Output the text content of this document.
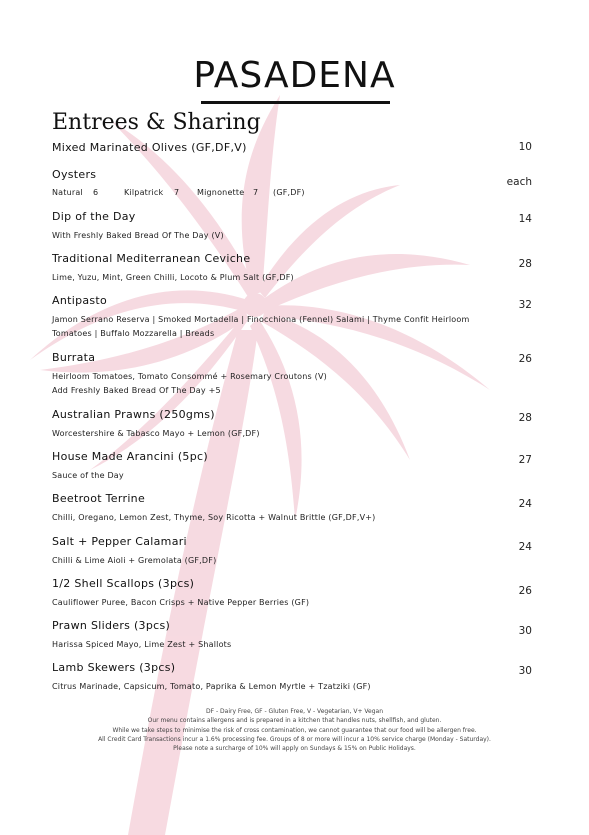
PASADENA
Entrees & Sharing
Mixed Marinated Olives (GF,DF,V)	10
Oysters
Natural	6	Kilpatrick	7	Mignonette	7	(GF,DF)
each
Dip of the Day
With Freshly Baked Bread Of The Day (V)
14
Traditional Mediterranean Ceviche
Lime, Yuzu, Mint, Green Chilli, Locoto & Plum Salt (GF,DF)
28
Antipasto
Jamon Serrano Reserva | Smoked Mortadella | Finocchiona (Fennel) Salami | Thyme Confit Heirloom
Tomatoes | Buffalo Mozzarella | Breads
32
Burrata
Heirloom Tomatoes, Tomato Consommé + Rosemary Croutons (V)
Add Freshly Baked Bread Of The Day +5
26
Australian Prawns (250gms)
Worcestershire & Tabasco Mayo + Lemon (GF,DF)
28
House Made Arancini (5pc)
Sauce of the Day
27
Beetroot Terrine
Chilli, Oregano, Lemon Zest, Thyme, Soy Ricotta + Walnut Brittle (GF,DF,V+)
24
Salt + Pepper Calamari
Chilli & Lime Aioli + Gremolata (GF,DF)
24
1/2 Shell Scallops (3pcs)
Cauliflower Puree, Bacon Crisps + Native Pepper Berries (GF)
26
Prawn Sliders (3pcs)
Harissa Spiced Mayo, Lime Zest + Shallots
30
Lamb Skewers (3pcs)
Citrus Marinade, Capsicum, Tomato, Paprika & Lemon Myrtle + Tzatziki (GF)
30
DF - Dairy Free, GF - Gluten Free, V - Vegetarian, V+ Vegan
Our menu contains allergens and is prepared in a kitchen that handles nuts, shellfish, and gluten.
While we take steps to minimise the risk of cross contamination, we cannot guarantee that our food will be allergen free.
All Credit Card Transactions incur a 1.6% processing fee. Groups of 8 or more will incur a 10% service charge (Monday - Saturday).
Please note a surcharge of 10% will apply on Sundays & 15% on Public Holidays.
